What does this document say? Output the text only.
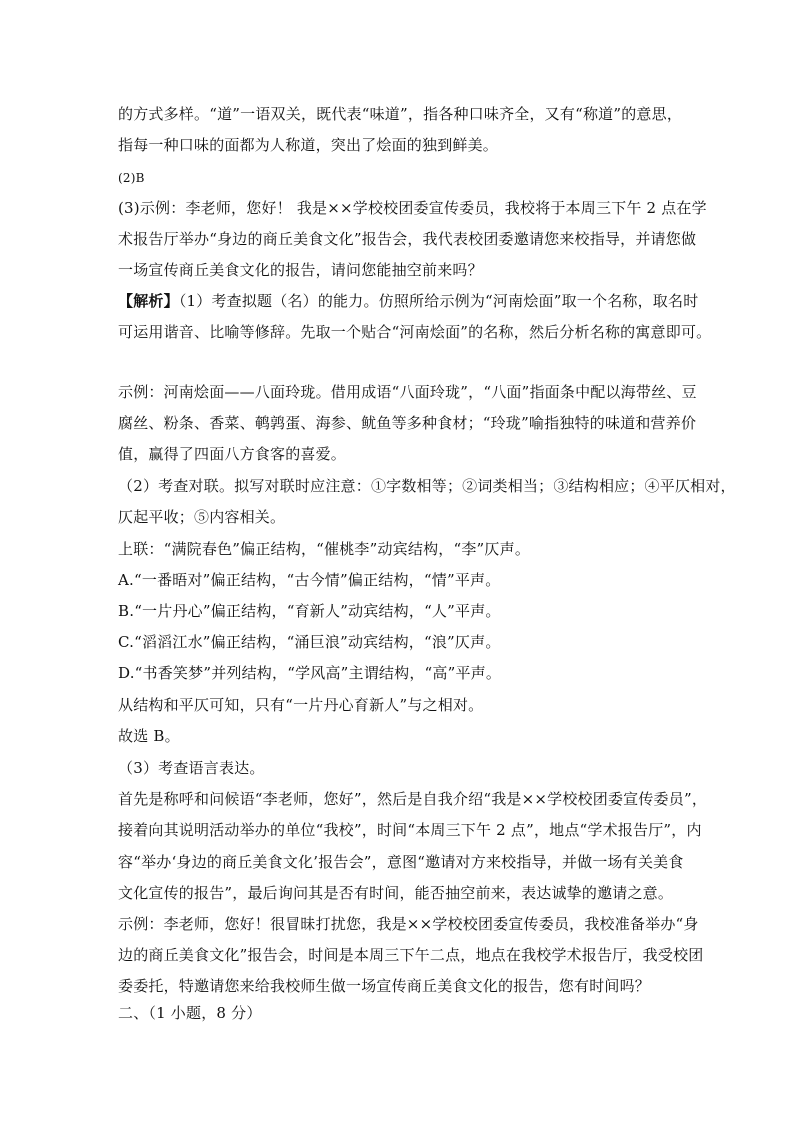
的方式多样。“道”一语双关，既代表“味道”，指各种口味齐全，又有“称道”的意思，
指每一种口味的面都为人称道，突出了烩面的独到鲜美。
(2)B
(3)示例：李老师，您好！ 我是××学校校团委宣传委员，我校将于本周三下午 2 点在学
术报告厅举办“身边的商丘美食文化”报告会，我代表校团委邀请您来校指导，并请您做
一场宣传商丘美食文化的报告，请问您能抽空前来吗？
【解析】（1）考查拟题（名）的能力。仿照所给示例为“河南烩面”取一个名称，取名时
可运用谐音、比喻等修辞。先取一个贴合“河南烩面”的名称，然后分析名称的寓意即可。
示例：河南烩面——八面玲珑。借用成语“八面玲珑”，“八面”指面条中配以海带丝、豆
腐丝、粉条、香菜、鹌鹑蛋、海参、鱿鱼等多种食材；“玲珑”喻指独特的味道和营养价
值，赢得了四面八方食客的喜爱。
（2）考查对联。拟写对联时应注意：①字数相等；②词类相当；③结构相应；④平仄相对，
仄起平收；⑤内容相关。
上联：“满院春色”偏正结构，“催桃李”动宾结构，“李”仄声。
A.“一番晤对”偏正结构，“古今情”偏正结构，“情”平声。
B.“一片丹心”偏正结构，“育新人”动宾结构，“人”平声。
C.“滔滔江水”偏正结构，“涌巨浪”动宾结构，“浪”仄声。
D.“书香笑梦”并列结构，“学风高”主谓结构，“高”平声。
从结构和平仄可知，只有“一片丹心育新人”与之相对。
故选 B。
（3）考查语言表达。
首先是称呼和问候语“李老师，您好”，然后是自我介绍“我是××学校校团委宣传委员”，
接着向其说明活动举办的单位“我校”，时间“本周三下午 2 点”，地点“学术报告厅”，内
容“举办‘身边的商丘美食文化’报告会”，意图“邀请对方来校指导，并做一场有关美食
文化宣传的报告”，最后询问其是否有时间，能否抽空前来，表达诚挚的邀请之意。
示例：李老师，您好！很冒昧打扰您，我是××学校校团委宣传委员，我校准备举办“身
边的商丘美食文化”报告会，时间是本周三下午二点，地点在我校学术报告厅，我受校团
委委托，特邀请您来给我校师生做一场宣传商丘美食文化的报告，您有时间吗？
二、（1 小题，8 分）
